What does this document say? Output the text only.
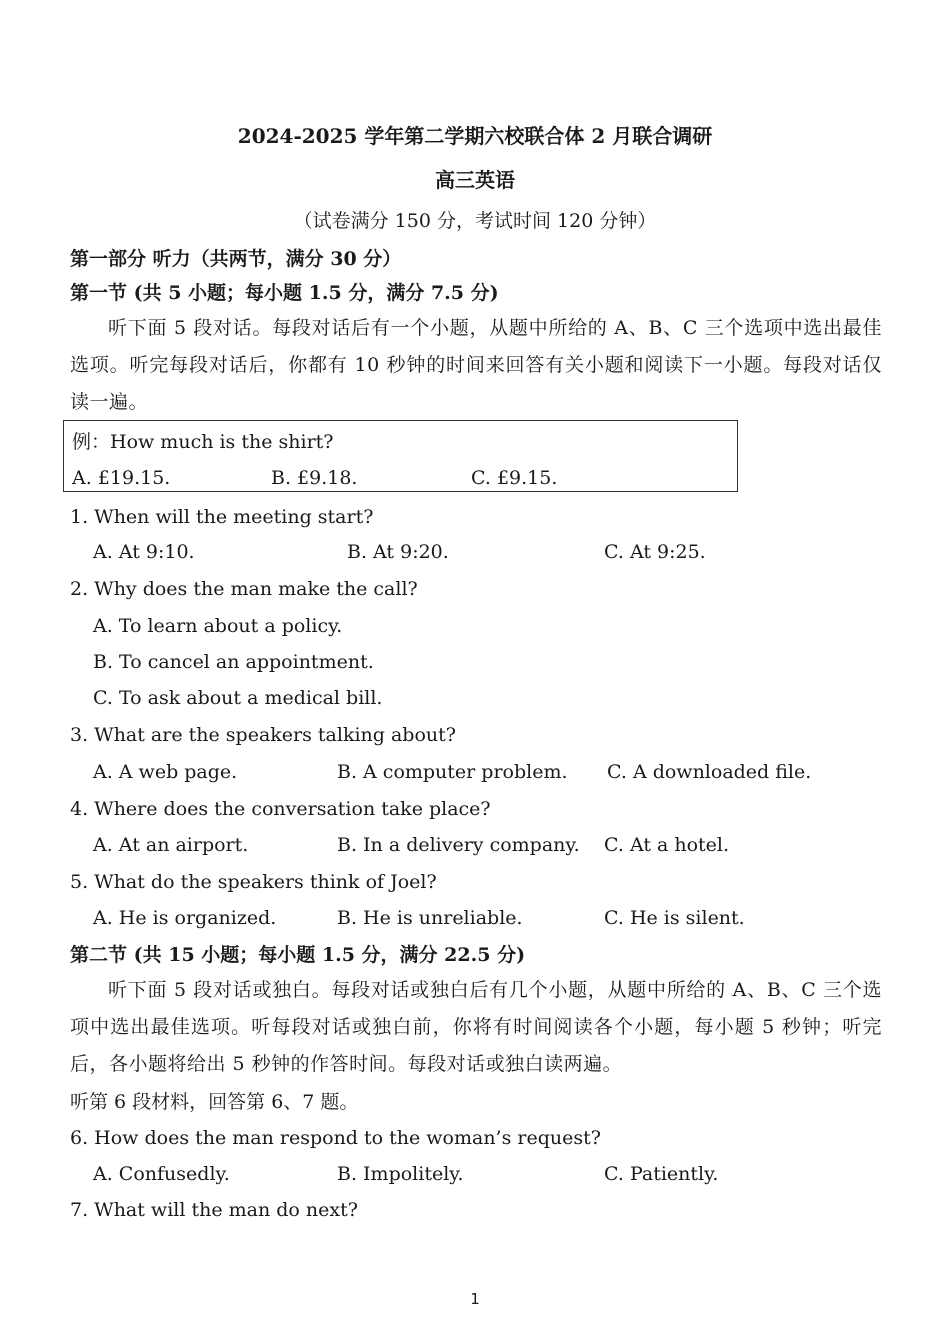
2024-2025 学年第二学期六校联合体 2 月联合调研
高三英语
（试卷满分 150 分，考试时间 120 分钟）
第一部分 听力（共两节，满分 30 分）
第一节 (共 5 小题；每小题 1.5 分，满分 7.5 分)
听下面 5 段对话。每段对话后有一个小题，从题中所给的 A、B、C 三个选项中选出最佳选项。听完每段对话后，你都有 10 秒钟的时间来回答有关小题和阅读下一小题。每段对话仅读一遍。
例：How much is the shirt?
A. £19.15.	B. £9.18.	C. £9.15.
1. When will the meeting start?
A. At 9:10.	B. At 9:20.	C. At 9:25.
2. Why does the man make the call?
A. To learn about a policy.
B. To cancel an appointment.
C. To ask about a medical bill.
3. What are the speakers talking about?
A. A web page.	B. A computer problem. C. A downloaded file.
4. Where does the conversation take place?
A. At an airport.	B. In a delivery company. C. At a hotel.
5. What do the speakers think of Joel?
A. He is organized.	B. He is unreliable.	C. He is silent.
第二节 (共 15 小题；每小题 1.5 分，满分 22.5 分)
听下面 5 段对话或独白。每段对话或独白后有几个小题，从题中所给的 A、B、C 三个选项中选出最佳选项。听每段对话或独白前，你将有时间阅读各个小题，每小题 5 秒钟；听完后，各小题将给出 5 秒钟的作答时间。每段对话或独白读两遍。
听第 6 段材料，回答第 6、7 题。
6. How does the man respond to the woman’s request?
A. Confusedly.	B. Impolitely.	C. Patiently.
7. What will the man do next?
1
